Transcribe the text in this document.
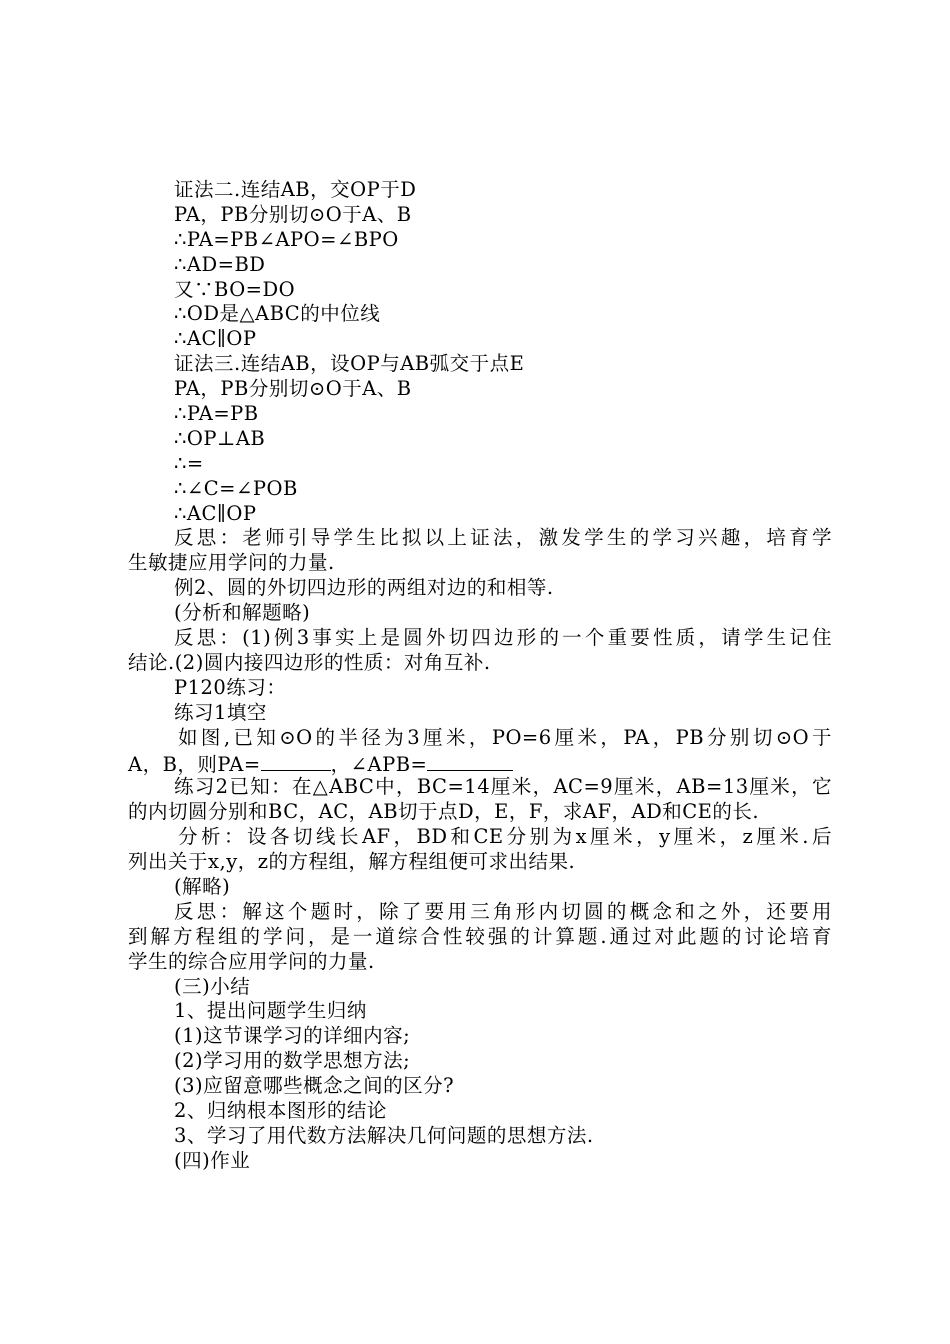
证法二.连结AB，交OP于D
PA，PB分别切⊙O于A、B
∴PA=PB∠APO=∠BPO
∴AD=BD
又∵BO=DO
∴OD是△ABC的中位线
∴AC∥OP
证法三.连结AB，设OP与AB弧交于点E
PA，PB分别切⊙O于A、B
∴PA=PB
∴OP⊥AB
∴=
∴∠C=∠POB
∴AC∥OP
反思：老师引导学生比拟以上证法，激发学生的学习兴趣，培育学
生敏捷应用学问的力量.
例2、圆的外切四边形的两组对边的和相等.
(分析和解题略)
反思：(1)例3事实上是圆外切四边形的一个重要性质，请学生记住
结论.(2)圆内接四边形的性质：对角互补.
P120练习：
练习1填空
如图,已知⊙O的半径为3厘米，PO=6厘米，PA，PB分别切⊙O于
A，B，则PA=	，∠APB=
练习2已知：在△ABC中，BC=14厘米，AC=9厘米，AB=13厘米，它
的内切圆分别和BC，AC，AB切于点D，E，F，求AF，AD和CE的长.
分析：设各切线长AF，BD和CE分别为x厘米，y厘米，z厘米.后
列出关于x,y，z的方程组，解方程组便可求出结果.
(解略)
反思：解这个题时，除了要用三角形内切圆的概念和之外，还要用
到解方程组的学问，是一道综合性较强的计算题.通过对此题的讨论培育
学生的综合应用学问的力量.
(三)小结
1、提出问题学生归纳
(1)这节课学习的详细内容;
(2)学习用的数学思想方法;
(3)应留意哪些概念之间的区分?
2、归纳根本图形的结论
3、学习了用代数方法解决几何问题的思想方法.
(四)作业
